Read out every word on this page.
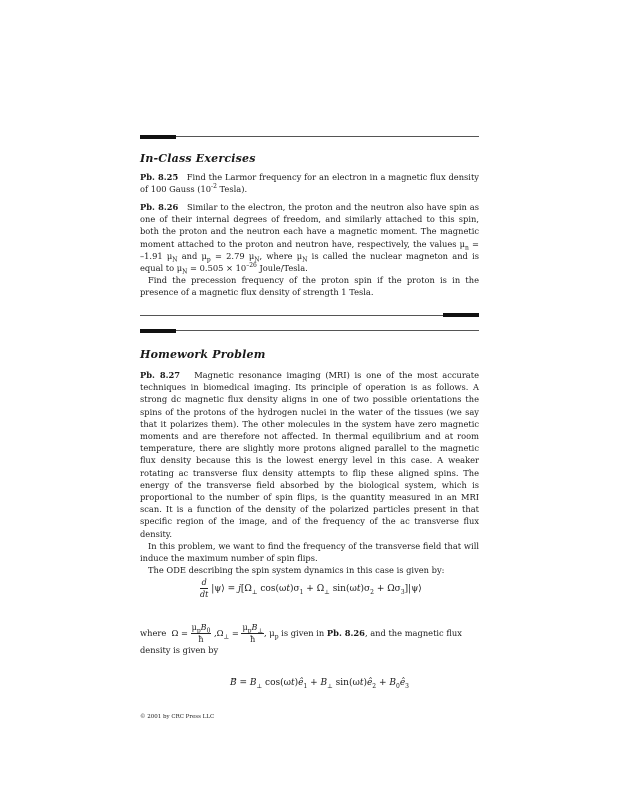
In-Class Exercises
Pb. 8.25 Find the Larmor frequency for an electron in a magnetic flux density of 100 Gauss ($10^{-2}$ Tesla).
Pb. 8.26 Similar to the electron, the proton and the neutron also have spin as one of their internal degrees of freedom, and similarly attached to this spin, both the proton and the neutron each have a magnetic moment. The magnetic moment attached to the proton and neutron have, respectively, the values $\mu_n = -1.91$ $\mu_N$ and $\mu_p = 2.79$ $\mu_N$, where $\mu_N$ is called the nuclear magneton and is equal to $\mu_N = 0.505 \times 10^{-26}$ Joule/Tesla.
Find the precession frequency of the proton spin if the proton is in the presence of a magnetic flux density of strength 1 Tesla.
Homework Problem
Pb. 8.27 Magnetic resonance imaging (MRI) is one of the most accurate techniques in biomedical imaging. Its principle of operation is as follows. A strong dc magnetic flux density aligns in one of two possible orientations the spins of the protons of the hydrogen nuclei in the water of the tissues (we say that it polarizes them). The other molecules in the system have zero magnetic moments and are therefore not affected. In thermal equilibrium and at room temperature, there are slightly more protons aligned parallel to the magnetic flux density because this is the lowest energy level in this case. A weaker rotating ac transverse flux density attempts to flip these aligned spins. The energy of the transverse field absorbed by the biological system, which is proportional to the number of spin flips, is the quantity measured in an MRI scan. It is a function of the density of the polarized particles present in that specific region of the image, and of the frequency of the ac transverse flux density.
In this problem, we want to find the frequency of the transverse field that will induce the maximum number of spin flips.
The ODE describing the spin system dynamics in this case is given by:
$\frac{d}{dt}$ |ψ⟩ = $j[\Omega_\perp$ $\cos(\omega t)\sigma_1 + \Omega_\perp$ $\sin(\omega t)\sigma_2$ + $\Omega\sigma_3]|\psi⟩$
where  $\Omega = \frac{\mu_pB_0}{ħ} ,\Omega_\perp = \frac{\mu_pB_\perp}{ħ}$ , $\mu_p$ is given in Pb. 8.26, and the magnetic flux
density is given by
B⃗ = $B_\perp$ $\cos(\omega t)ê_1 + B_\perp$ $\sin(\omega t)ê_2$ + $B_0ê_3$
© 2001 by CRC Press LLC
